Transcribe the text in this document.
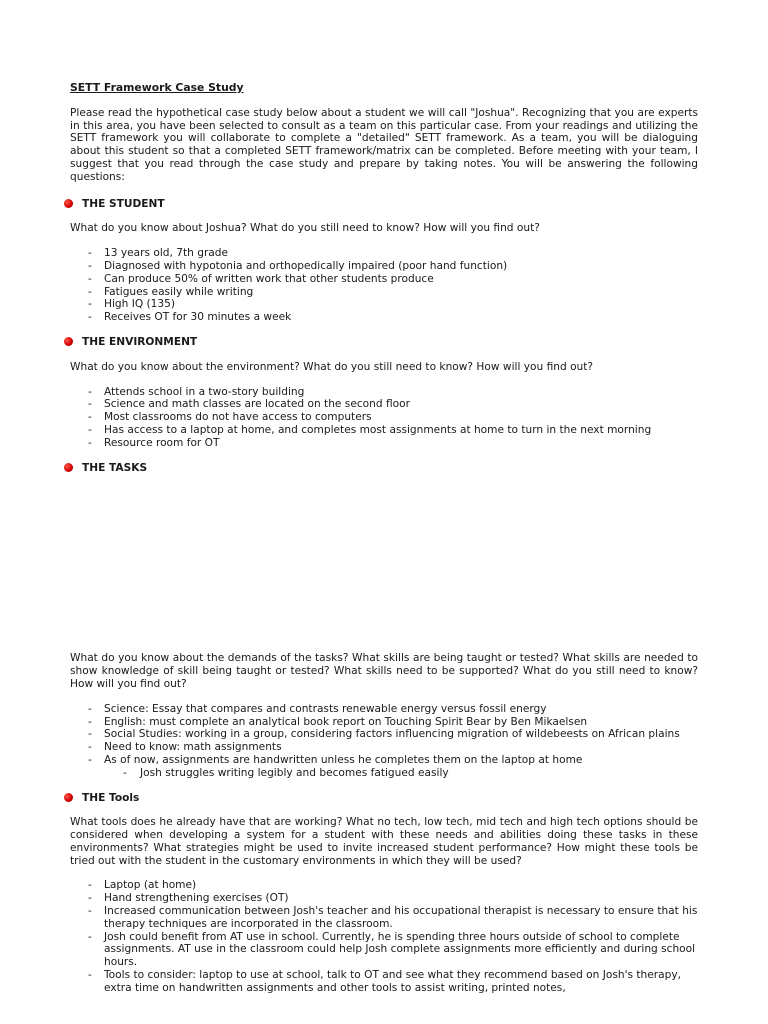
SETT Framework Case Study

Please read the hypothetical case study below about a student we will call "Joshua". Recognizing that you are experts in this area, you have been selected to consult as a team on this particular case. From your readings and utilizing the SETT framework you will collaborate to complete a "detailed" SETT framework. As a team, you will be dialoguing about this student so that a completed SETT framework/matrix can be completed. Before meeting with your team, I suggest that you read through the case study and prepare by taking notes. You will be answering the following questions:

THE STUDENT

What do you know about Joshua? What do you still need to know? How will you find out?

- 13 years old, 7th grade
- Diagnosed with hypotonia and orthopedically impaired (poor hand function)
- Can produce 50% of written work that other students produce
- Fatigues easily while writing
- High IQ (135)
- Receives OT for 30 minutes a week
THE ENVIRONMENT

What do you know about the environment? What do you still need to know? How will you find out?

- Attends school in a two-story building
- Science and math classes are located on the second floor
- Most classrooms do not have access to computers
- Has access to a laptop at home, and completes most assignments at home to turn in the next morning
- Resource room for OT
THE TASKS

What do you know about the demands of the tasks? What skills are being taught or tested? What skills are needed to show knowledge of skill being taught or tested? What skills need to be supported? What do you still need to know? How will you find out?

- Science: Essay that compares and contrasts renewable energy versus fossil energy
- English: must complete an analytical book report on Touching Spirit Bear by Ben Mikaelsen
- Social Studies: working in a group, considering factors influencing migration of wildebeests on African plains
- Need to know: math assignments
- As of now, assignments are handwritten unless he completes them on the laptop at home
- Josh struggles writing legibly and becomes fatigued easily
THE Tools

What tools does he already have that are working? What no tech, low tech, mid tech and high tech options should be considered when developing a system for a student with these needs and abilities doing these tasks in these environments? What strategies might be used to invite increased student performance? How might these tools be tried out with the student in the customary environments in which they will be used?

- Laptop (at home)
- Hand strengthening exercises (OT)
- Increased communication between Josh's teacher and his occupational therapist is necessary to ensure that his therapy techniques are incorporated in the classroom.
- Josh could benefit from AT use in school. Currently, he is spending three hours outside of school to complete assignments. AT use in the classroom could help Josh complete assignments more efficiently and during school hours.
- Tools to consider: laptop to use at school, talk to OT and see what they recommend based on Josh's therapy, extra time on handwritten assignments and other tools to assist writing, printed notes,
